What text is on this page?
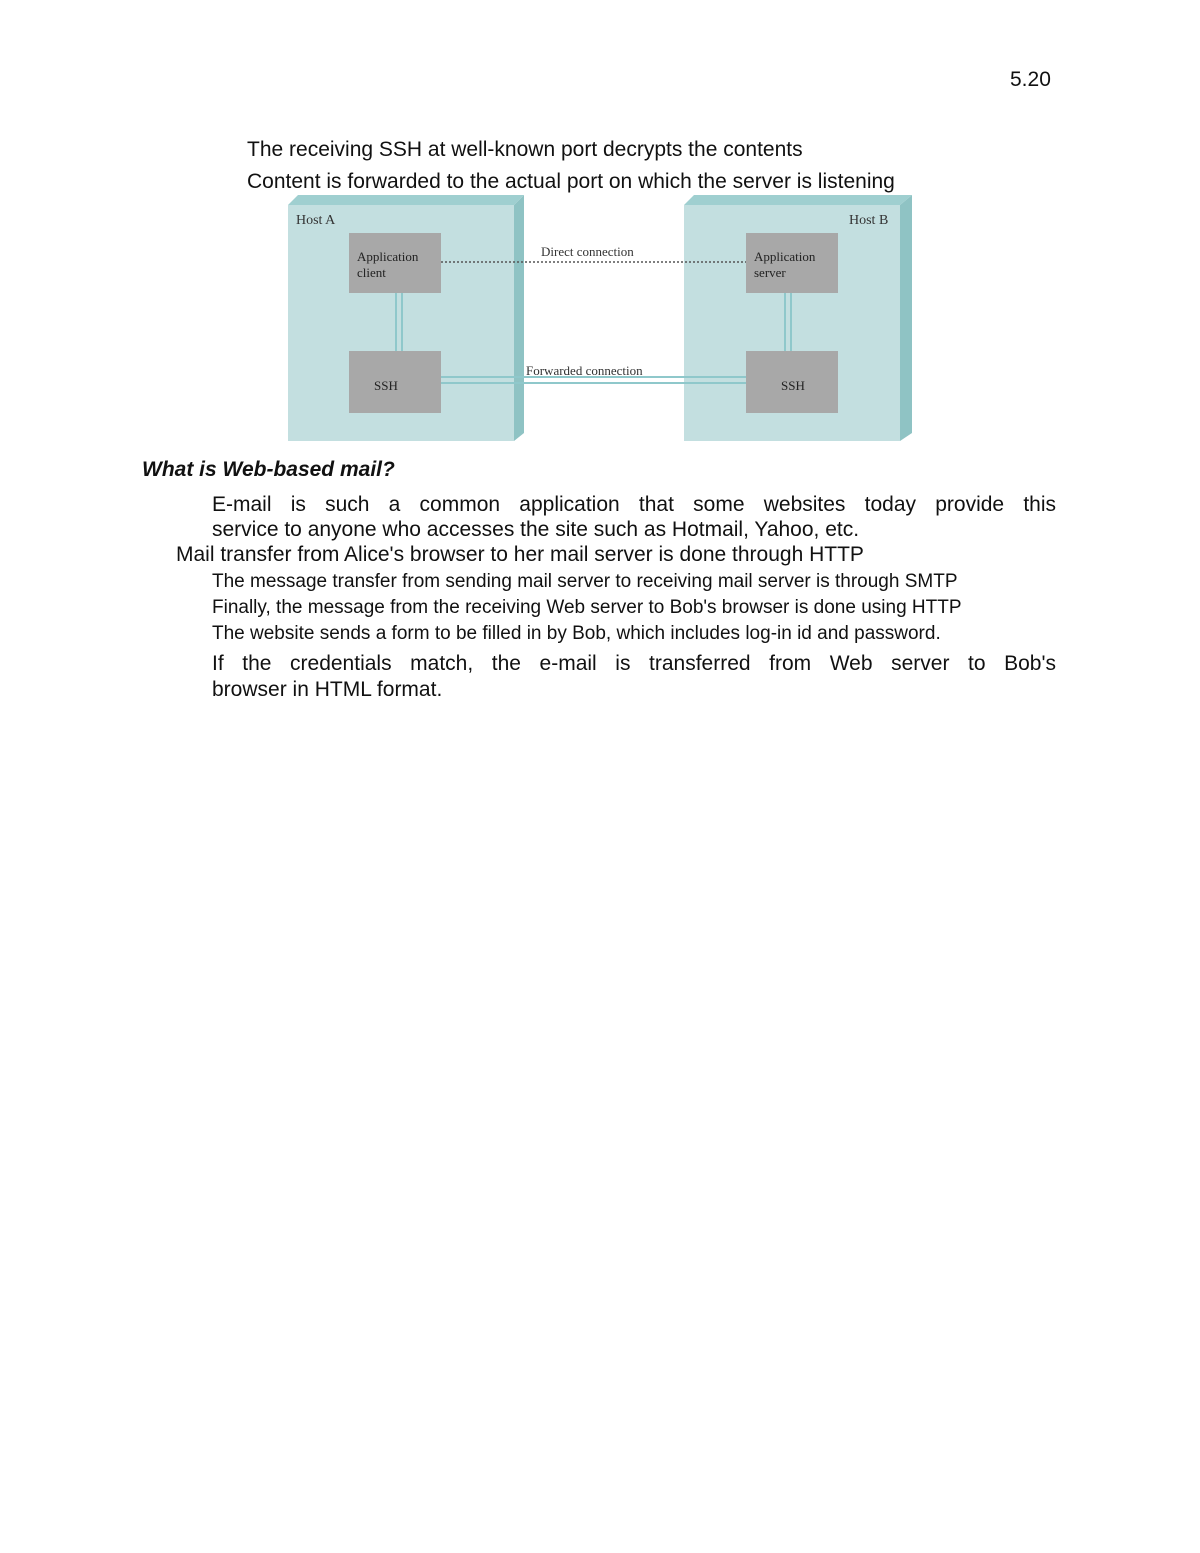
5.20
The receiving SSH at well-known port decrypts the contents
Content is forwarded to the actual port on which the server is listening
Host A	Host B
Direct connection
Forwarded connection
Application
client
Application
server
SSH	SSH
What is Web-based mail?
E-mail is such a common application that some websites today provide this
service to anyone who accesses the site such as Hotmail, Yahoo, etc.
Mail transfer from Alice's browser to her mail server is done through HTTP
The message transfer from sending mail server to receiving mail server is through SMTP
Finally, the message from the receiving Web server to Bob's browser is done using HTTP
The website sends a form to be filled in by Bob, which includes log-in id and password.
If the credentials match, the e-mail is transferred from Web server to Bob's
browser in HTML format.
